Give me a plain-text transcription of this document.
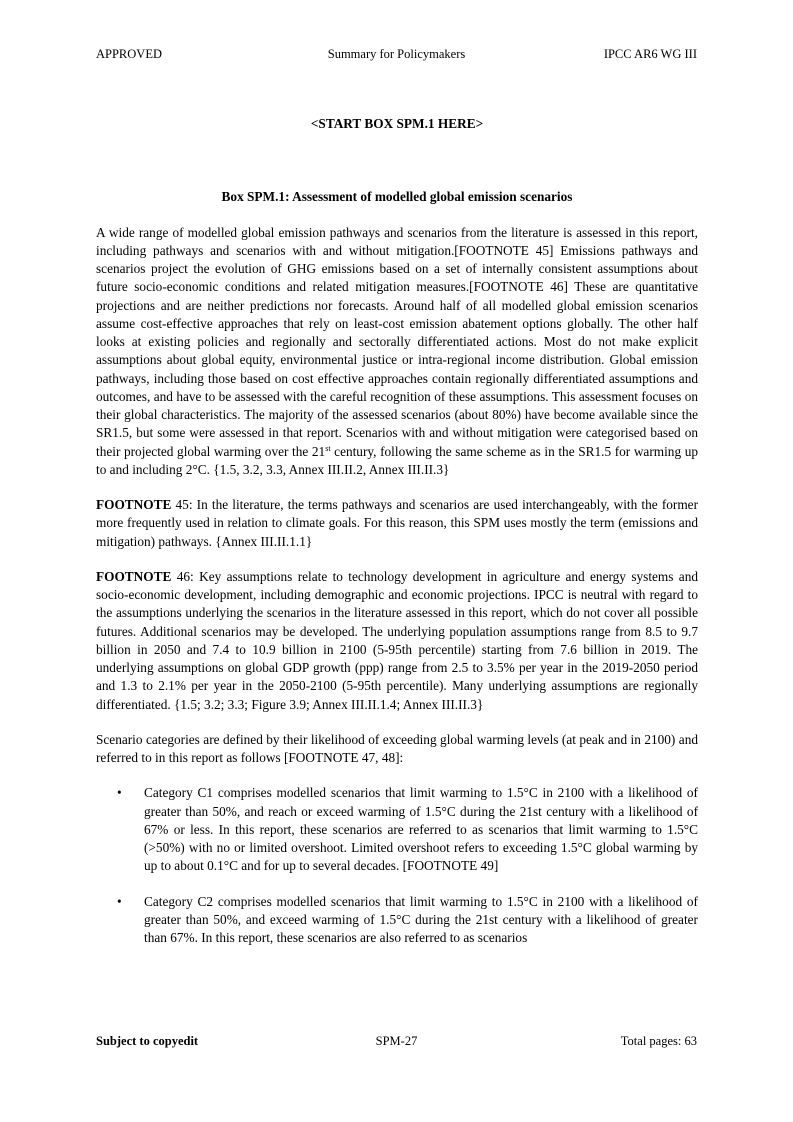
APPROVED	Summary for Policymakers	IPCC AR6 WG III

<START BOX SPM.1 HERE>

Box SPM.1: Assessment of modelled global emission scenarios

A wide range of modelled global emission pathways and scenarios from the literature is assessed in this report, including pathways and scenarios with and without mitigation.[FOOTNOTE 45] Emissions pathways and scenarios project the evolution of GHG emissions based on a set of internally consistent assumptions about future socio-economic conditions and related mitigation measures.[FOOTNOTE 46] These are quantitative projections and are neither predictions nor forecasts. Around half of all modelled global emission scenarios assume cost-effective approaches that rely on least-cost emission abatement options globally. The other half looks at existing policies and regionally and sectorally differentiated actions. Most do not make explicit assumptions about global equity, environmental justice or intra-regional income distribution. Global emission pathways, including those based on cost effective approaches contain regionally differentiated assumptions and outcomes, and have to be assessed with the careful recognition of these assumptions. This assessment focuses on their global characteristics. The majority of the assessed scenarios (about 80%) have become available since the SR1.5, but some were assessed in that report. Scenarios with and without mitigation were categorised based on their projected global warming over the 21st century, following the same scheme as in the SR1.5 for warming up to and including 2°C. {1.5, 3.2, 3.3, Annex III.II.2, Annex III.II.3}

FOOTNOTE 45: In the literature, the terms pathways and scenarios are used interchangeably, with the former more frequently used in relation to climate goals. For this reason, this SPM uses mostly the term (emissions and mitigation) pathways. {Annex III.II.1.1}

FOOTNOTE 46: Key assumptions relate to technology development in agriculture and energy systems and socio-economic development, including demographic and economic projections. IPCC is neutral with regard to the assumptions underlying the scenarios in the literature assessed in this report, which do not cover all possible futures. Additional scenarios may be developed. The underlying population assumptions range from 8.5 to 9.7 billion in 2050 and 7.4 to 10.9 billion in 2100 (5-95th percentile) starting from 7.6 billion in 2019. The underlying assumptions on global GDP growth (ppp) range from 2.5 to 3.5% per year in the 2019-2050 period and 1.3 to 2.1% per year in the 2050-2100 (5-95th percentile). Many underlying assumptions are regionally differentiated. {1.5; 3.2; 3.3; Figure 3.9; Annex III.II.1.4; Annex III.II.3}

Scenario categories are defined by their likelihood of exceeding global warming levels (at peak and in 2100) and referred to in this report as follows [FOOTNOTE 47, 48]:

• Category C1 comprises modelled scenarios that limit warming to 1.5°C in 2100 with a likelihood of greater than 50%, and reach or exceed warming of 1.5°C during the 21st century with a likelihood of 67% or less. In this report, these scenarios are referred to as scenarios that limit warming to 1.5°C (>50%) with no or limited overshoot. Limited overshoot refers to exceeding 1.5°C global warming by up to about 0.1°C and for up to several decades. [FOOTNOTE 49]
• Category C2 comprises modelled scenarios that limit warming to 1.5°C in 2100 with a likelihood of greater than 50%, and exceed warming of 1.5°C during the 21st century with a likelihood of greater than 67%. In this report, these scenarios are also referred to as scenarios
Subject to copyedit	SPM-27	Total pages: 63
